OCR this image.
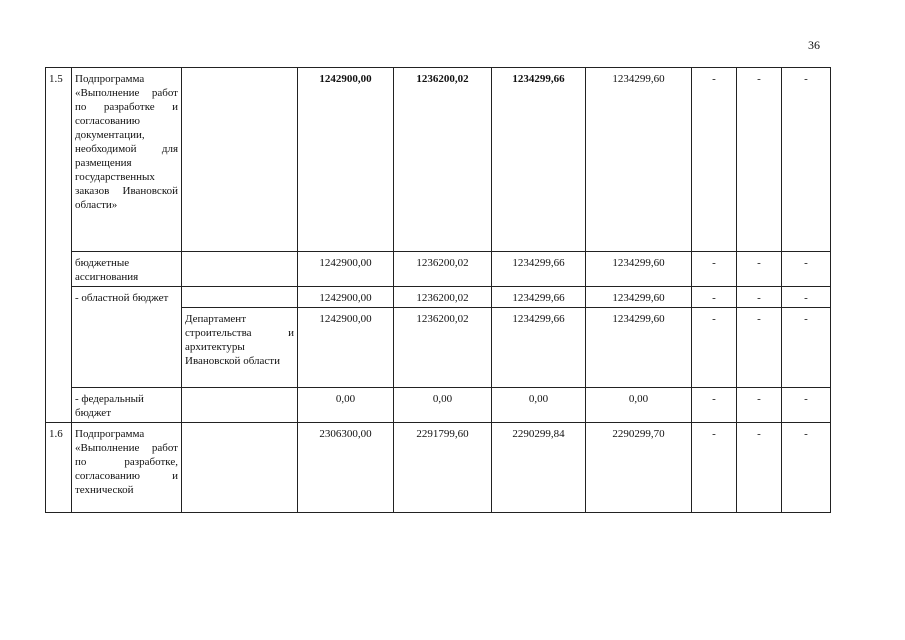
36
1.5	Подпрограмма «Выполнение работ по разработке и согласованию документации, необходимой для размещения государственных заказов Ивановской области»		1242900,00	1236200,02	1234299,66	1234299,60	-	-	-
	бюджетные ассигнования		1242900,00	1236200,02	1234299,66	1234299,60	-	-	-
	- областной бюджет		1242900,00	1236200,02	1234299,66	1234299,60	-	-	-
		Департамент строительства и архитектуры Ивановской области	1242900,00	1236200,02	1234299,66	1234299,60	-	-	-
	- федеральный бюджет		0,00	0,00	0,00	0,00	-	-	-
1.6	Подпрограмма «Выполнение работ по разработке, согласованию и технической		2306300,00	2291799,60	2290299,84	2290299,70	-	-	-
